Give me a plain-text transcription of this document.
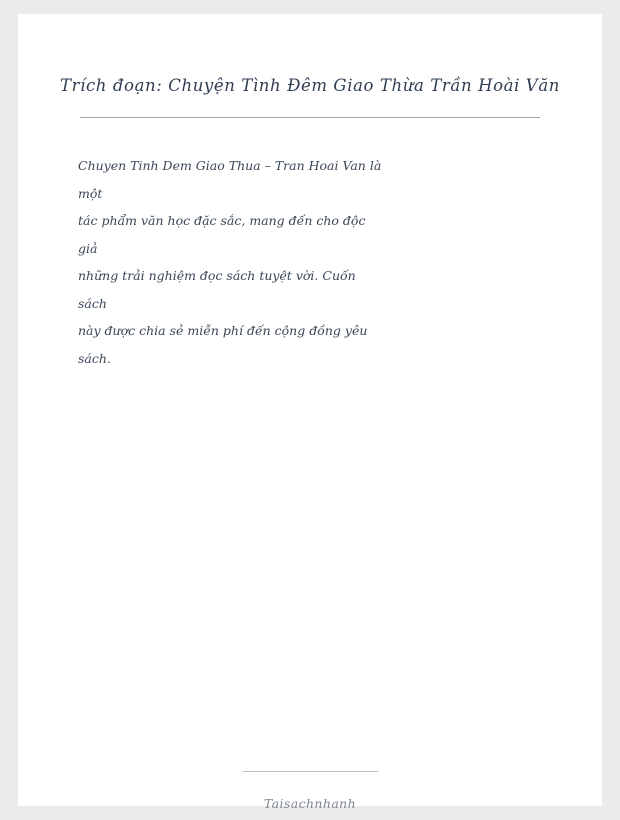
Trích đoạn: Chuyện Tình Đêm Giao Thừa Trần Hoài Văn
Chuyen Tinh Dem Giao Thua – Tran Hoai Van là
một
tác phẩm văn học đặc sắc, mang đến cho độc
giả
những trải nghiệm đọc sách tuyệt vời. Cuốn
sách
này được chia sẻ miễn phí đến cộng đồng yêu
sách.
Taisachnhanh
